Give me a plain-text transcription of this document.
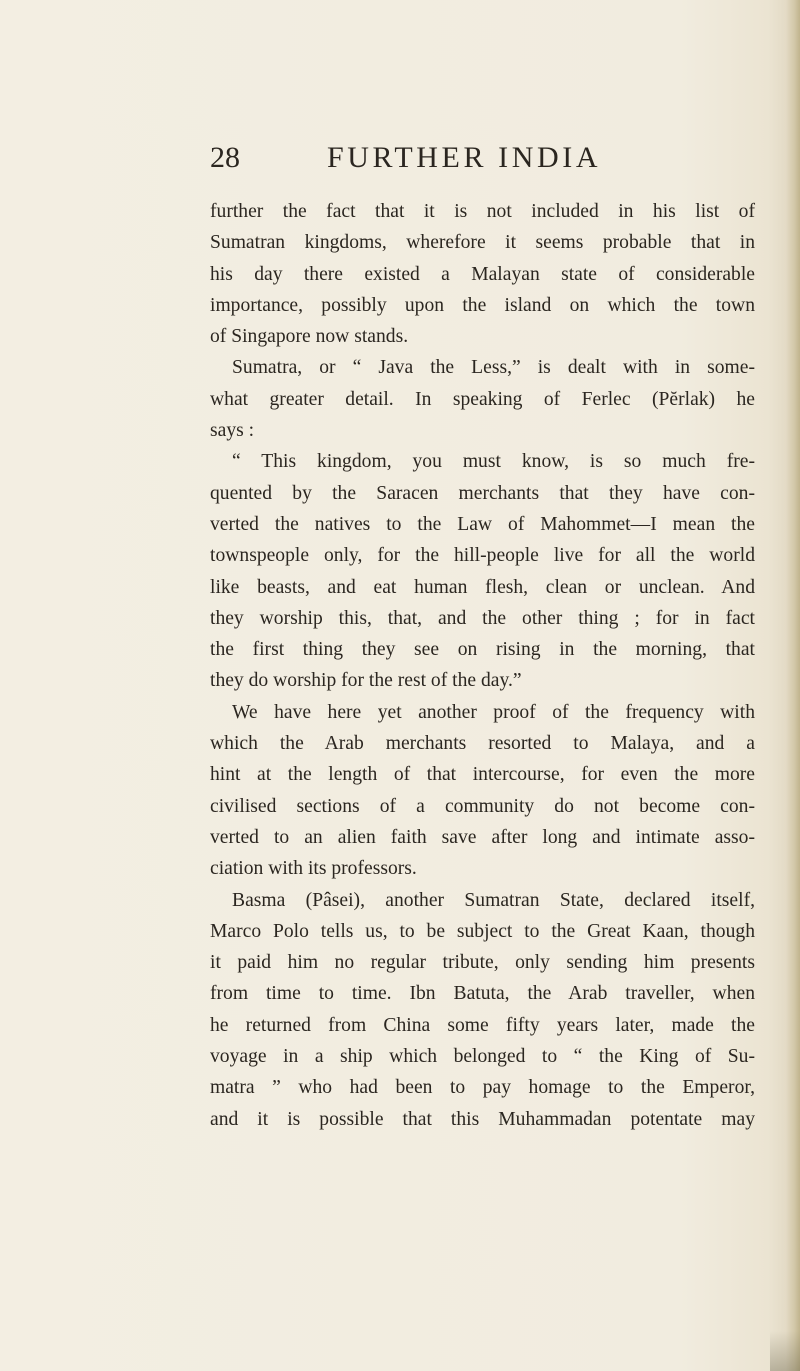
28	FURTHER INDIA
further the fact that it is not included in his list of
Sumatran kingdoms, wherefore it seems probable that in
his day there existed a Malayan state of considerable
importance, possibly upon the island on which the town
of Singapore now stands.
Sumatra, or “ Java the Less,” is dealt with in some-
what greater detail. In speaking of Ferlec (Pĕrlak) he
says :
“ This kingdom, you must know, is so much fre-
quented by the Saracen merchants that they have con-
verted the natives to the Law of Mahommet—I mean the
townspeople only, for the hill-people live for all the world
like beasts, and eat human flesh, clean or unclean. And
they worship this, that, and the other thing ; for in fact
the first thing they see on rising in the morning, that
they do worship for the rest of the day.”
We have here yet another proof of the frequency with
which the Arab merchants resorted to Malaya, and a
hint at the length of that intercourse, for even the more
civilised sections of a community do not become con-
verted to an alien faith save after long and intimate asso-
ciation with its professors.
Basma (Pâsei), another Sumatran State, declared itself,
Marco Polo tells us, to be subject to the Great Kaan, though
it paid him no regular tribute, only sending him presents
from time to time. Ibn Batuta, the Arab traveller, when
he returned from China some fifty years later, made the
voyage in a ship which belonged to “ the King of Su-
matra ” who had been to pay homage to the Emperor,
and it is possible that this Muhammadan potentate may
